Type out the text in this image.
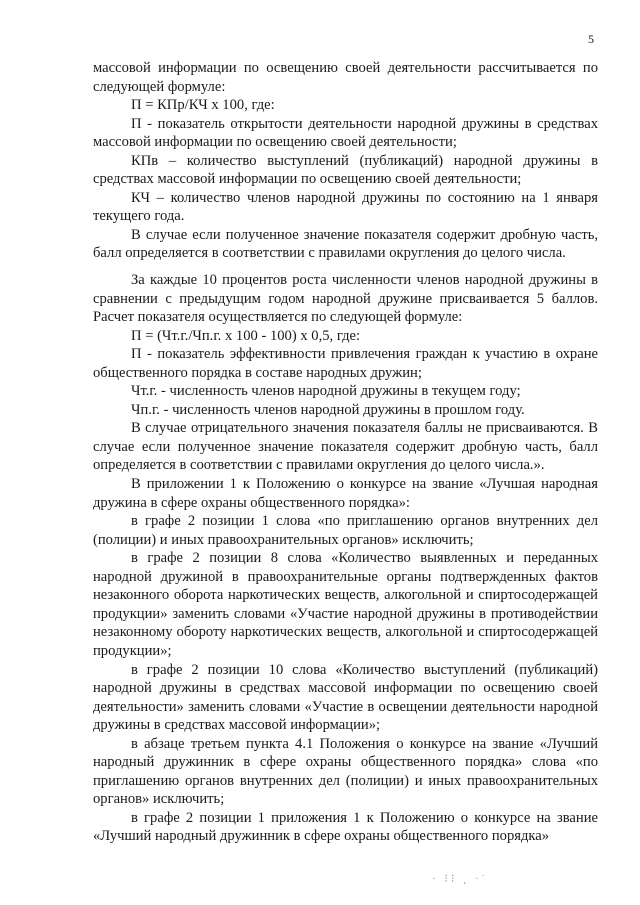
5

массовой информации по освещению своей деятельности рассчитывается по следующей формуле:

П = КПр/КЧ х 100, где:

П - показатель открытости деятельности народной дружины в средствах массовой информации по освещению своей деятельности;

КПв – количество выступлений (публикаций) народной дружины в средствах массовой информации по освещению своей деятельности;

КЧ – количество членов народной дружины по состоянию на 1 января текущего года.

В случае если полученное значение показателя содержит дробную часть, балл определяется в соответствии с правилами округления до целого числа.

За каждые 10 процентов роста численности членов народной дружины в сравнении с предыдущим годом народной дружине присваивается 5 баллов. Расчет показателя осуществляется по следующей формуле:

П = (Чт.г./Чп.г. х 100 - 100) х 0,5, где:

П - показатель эффективности привлечения граждан к участию в охране общественного порядка в составе народных дружин;

Чт.г. - численность членов народной дружины в текущем году;

Чп.г. - численность членов народной дружины в прошлом году.

В случае отрицательного значения показателя баллы не присваиваются. В случае если полученное значение показателя содержит дробную часть, балл определяется в соответствии с правилами округления до целого числа.».

В приложении 1 к Положению о конкурсе на звание «Лучшая народная дружина в сфере охраны общественного порядка»:

в графе 2 позиции 1 слова «по приглашению органов внутренних дел (полиции) и иных правоохранительных органов» исключить;

в графе 2 позиции 8 слова «Количество выявленных и переданных народной дружиной в правоохранительные органы подтвержденных фактов незаконного оборота наркотических веществ, алкогольной и спиртосодержащей продукции» заменить словами «Участие народной дружины в противодействии незаконному обороту наркотических веществ, алкогольной и спиртосодержащей продукции»;

в графе 2 позиции 10 слова «Количество выступлений (публикаций) народной дружины в средствах массовой информации по освещению своей деятельности» заменить словами «Участие в освещении деятельности народной дружины в средствах массовой информации»;

в абзаце третьем пункта 4.1 Положения о конкурсе на звание «Лучший народный дружинник в сфере охраны общественного порядка» слова «по приглашению органов внутренних дел (полиции) и иных правоохранительных органов» исключить;

в графе 2 позиции 1 приложения 1 к Положению о конкурсе на звание «Лучший народный дружинник в сфере охраны общественного порядка»

· ⁝⁝ ˛ ∙˙
